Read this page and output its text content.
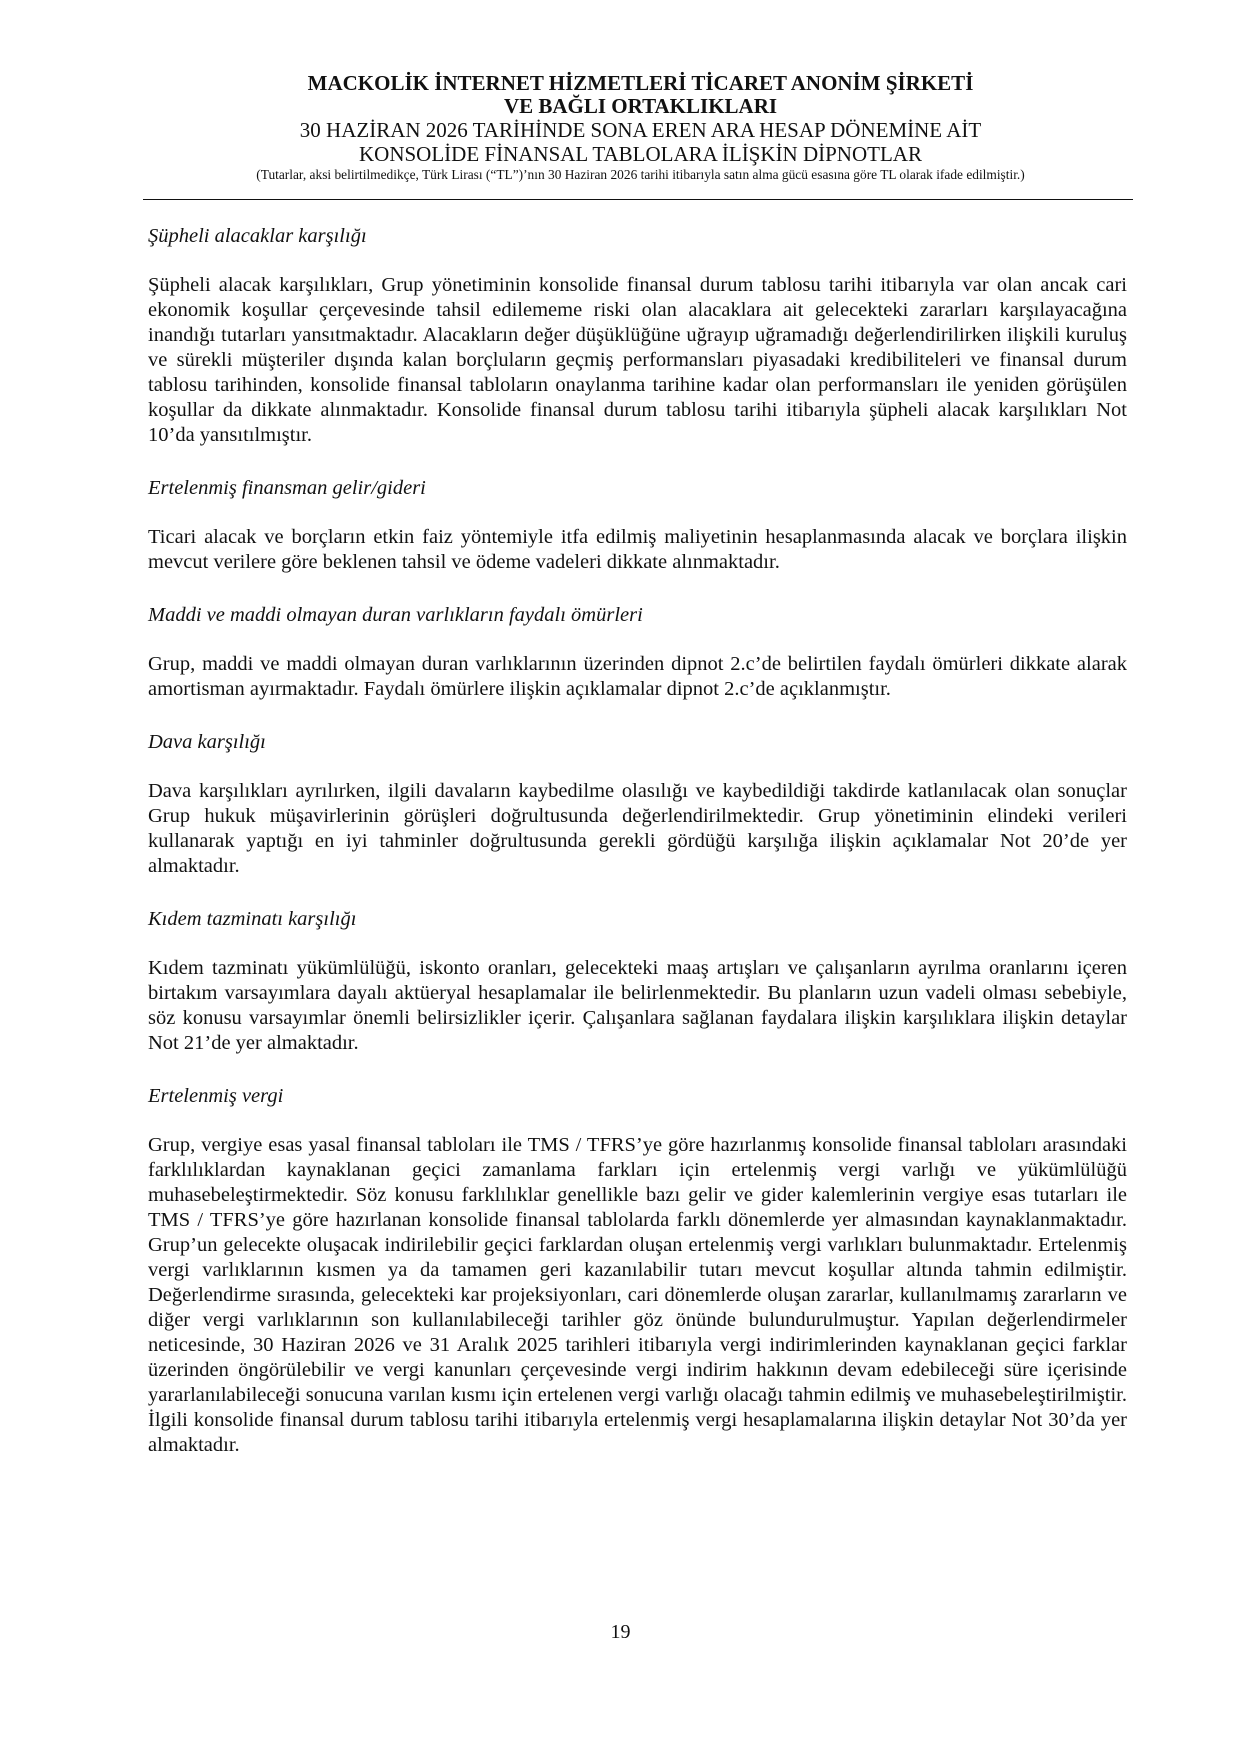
MACKOLİK İNTERNET HİZMETLERİ TİCARET ANONİM ŞİRKETİ
VE BAĞLI ORTAKLIKLARI
30 HAZİRAN 2026 TARİHİNDE SONA EREN ARA HESAP DÖNEMİNE AİT
KONSOLİDE FİNANSAL TABLOLARA İLİŞKİN DİPNOTLAR
(Tutarlar, aksi belirtilmedikçe, Türk Lirası (“TL”)’nın 30 Haziran 2026 tarihi itibarıyla satın alma gücü esasına göre TL olarak ifade edilmiştir.)
Şüpheli alacaklar karşılığı
Şüpheli alacak karşılıkları, Grup yönetiminin konsolide finansal durum tablosu tarihi itibarıyla var olan ancak cari ekonomik koşullar çerçevesinde tahsil edilememe riski olan alacaklara ait gelecekteki zararları karşılayacağına inandığı tutarları yansıtmaktadır. Alacakların değer düşüklüğüne uğrayıp uğramadığı değerlendirilirken ilişkili kuruluş ve sürekli müşteriler dışında kalan borçluların geçmiş performansları piyasadaki kredibiliteleri ve finansal durum tablosu tarihinden, konsolide finansal tabloların onaylanma tarihine kadar olan performansları ile yeniden görüşülen koşullar da dikkate alınmaktadır. Konsolide finansal durum tablosu tarihi itibarıyla şüpheli alacak karşılıkları Not 10’da yansıtılmıştır.
Ertelenmiş finansman gelir/gideri
Ticari alacak ve borçların etkin faiz yöntemiyle itfa edilmiş maliyetinin hesaplanmasında alacak ve borçlara ilişkin mevcut verilere göre beklenen tahsil ve ödeme vadeleri dikkate alınmaktadır.
Maddi ve maddi olmayan duran varlıkların faydalı ömürleri
Grup, maddi ve maddi olmayan duran varlıklarının üzerinden dipnot 2.c’de belirtilen faydalı ömürleri dikkate alarak amortisman ayırmaktadır. Faydalı ömürlere ilişkin açıklamalar dipnot 2.c’de açıklanmıştır.
Dava karşılığı
Dava karşılıkları ayrılırken, ilgili davaların kaybedilme olasılığı ve kaybedildiği takdirde katlanılacak olan sonuçlar Grup hukuk müşavirlerinin görüşleri doğrultusunda değerlendirilmektedir. Grup yönetiminin elindeki verileri kullanarak yaptığı en iyi tahminler doğrultusunda gerekli gördüğü karşılığa ilişkin açıklamalar Not 20’de yer almaktadır.
Kıdem tazminatı karşılığı
Kıdem tazminatı yükümlülüğü, iskonto oranları, gelecekteki maaş artışları ve çalışanların ayrılma oranlarını içeren birtakım varsayımlara dayalı aktüeryal hesaplamalar ile belirlenmektedir. Bu planların uzun vadeli olması sebebiyle, söz konusu varsayımlar önemli belirsizlikler içerir. Çalışanlara sağlanan faydalara ilişkin karşılıklara ilişkin detaylar Not 21’de yer almaktadır.
Ertelenmiş vergi
Grup, vergiye esas yasal finansal tabloları ile TMS / TFRS’ye göre hazırlanmış konsolide finansal tabloları arasındaki farklılıklardan kaynaklanan geçici zamanlama farkları için ertelenmiş vergi varlığı ve yükümlülüğü muhasebeleştirmektedir. Söz konusu farklılıklar genellikle bazı gelir ve gider kalemlerinin vergiye esas tutarları ile TMS / TFRS’ye göre hazırlanan konsolide finansal tablolarda farklı dönemlerde yer almasından kaynaklanmaktadır. Grup’un gelecekte oluşacak indirilebilir geçici farklardan oluşan ertelenmiş vergi varlıkları bulunmaktadır. Ertelenmiş vergi varlıklarının kısmen ya da tamamen geri kazanılabilir tutarı mevcut koşullar altında tahmin edilmiştir. Değerlendirme sırasında, gelecekteki kar projeksiyonları, cari dönemlerde oluşan zararlar, kullanılmamış zararların ve diğer vergi varlıklarının son kullanılabileceği tarihler göz önünde bulundurulmuştur. Yapılan değerlendirmeler neticesinde, 30 Haziran 2026 ve 31 Aralık 2025 tarihleri itibarıyla vergi indirimlerinden kaynaklanan geçici farklar üzerinden öngörülebilir ve vergi kanunları çerçevesinde vergi indirim hakkının devam edebileceği süre içerisinde yararlanılabileceği sonucuna varılan kısmı için ertelenen vergi varlığı olacağı tahmin edilmiş ve muhasebeleştirilmiştir. İlgili konsolide finansal durum tablosu tarihi itibarıyla ertelenmiş vergi hesaplamalarına ilişkin detaylar Not 30’da yer almaktadır.
19
